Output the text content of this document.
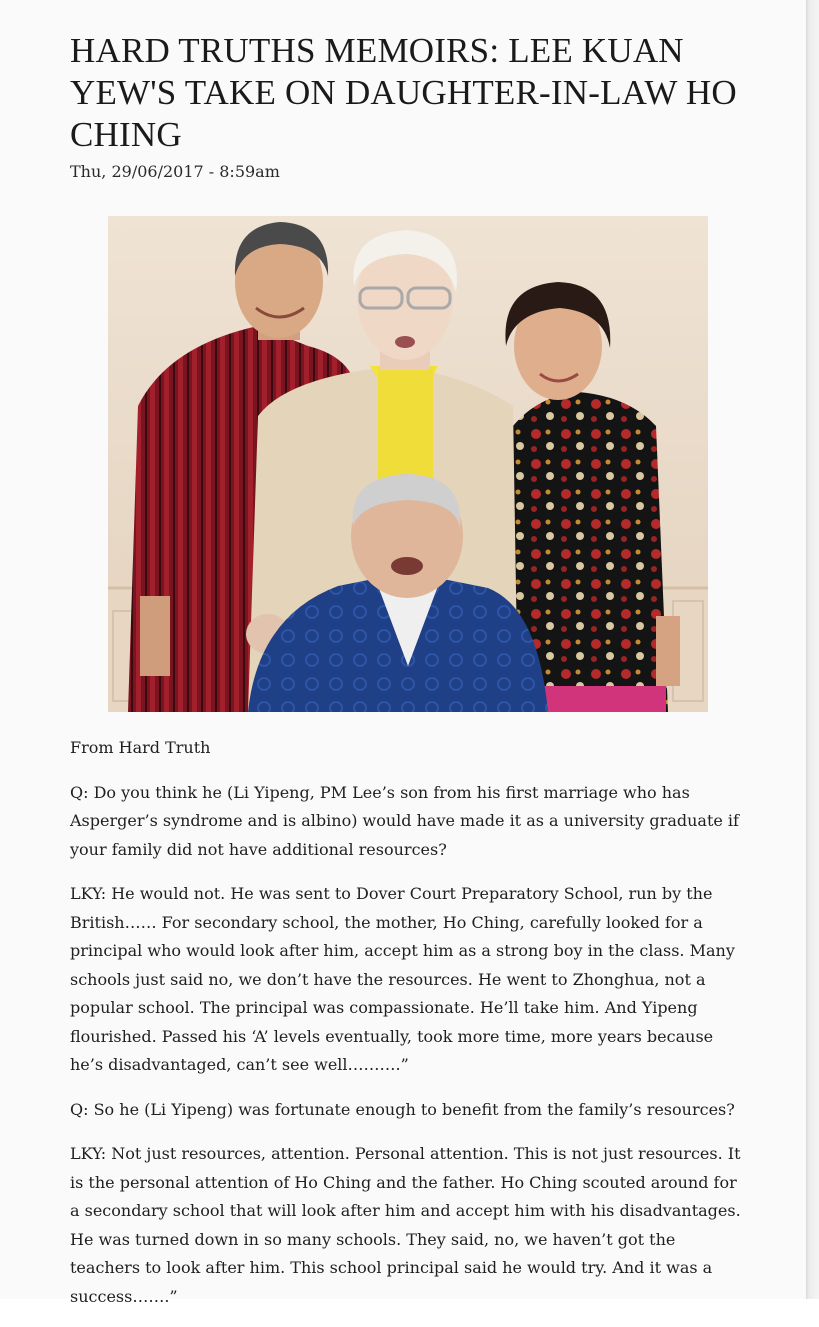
HARD TRUTHS MEMOIRS: LEE KUAN YEW'S TAKE ON DAUGHTER-IN-LAW HO CHING
Thu, 29/06/2017 - 8:59am

From Hard Truth

Q: Do you think he (Li Yipeng, PM Lee’s son from his first marriage who has Asperger’s syndrome and is albino) would have made it as a university graduate if your family did not have additional resources?

LKY: He would not. He was sent to Dover Court Preparatory School, run by the British…… For secondary school, the mother, Ho Ching, carefully looked for a principal who would look after him, accept him as a strong boy in the class. Many schools just said no, we don’t have the resources. He went to Zhonghua, not a popular school. The principal was compassionate. He’ll take him. And Yipeng flourished. Passed his ‘A’ levels eventually, took more time, more years because he’s disadvantaged, can’t see well……….”

Q: So he (Li Yipeng) was fortunate enough to benefit from the family’s resources?

LKY: Not just resources, attention. Personal attention. This is not just resources. It is the personal attention of Ho Ching and the father. Ho Ching scouted around for a secondary school that will look after him and accept him with his disadvantages. He was turned down in so many schools. They said, no, we haven’t got the teachers to look after him. This school principal said he would try. And it was a success…….”
